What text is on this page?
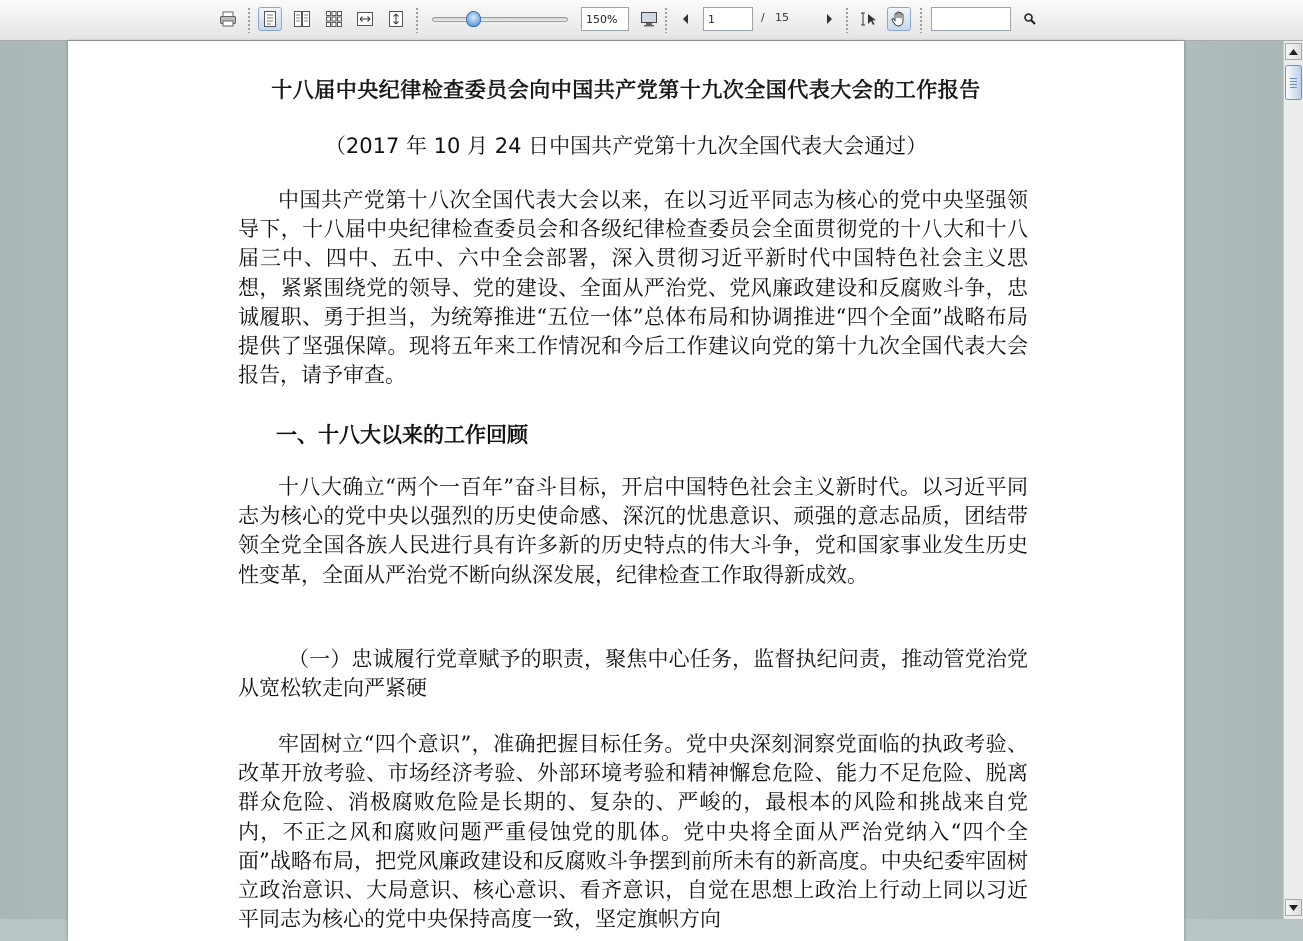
150%
1
/ 15
十八届中央纪律检查委员会向中国共产党第十九次全国代表大会的工作报告
（2017 年 10 月 24 日中国共产党第十九次全国代表大会通过）

中国共产党第十八次全国代表大会以来，在以习近平同志为核心的党中央坚强领导下，十八届中央纪律检查委员会和各级纪律检查委员会全面贯彻党的十八大和十八届三中、四中、五中、六中全会部署，深入贯彻习近平新时代中国特色社会主义思想，紧紧围绕党的领导、党的建设、全面从严治党、党风廉政建设和反腐败斗争，忠诚履职、勇于担当，为统筹推进“五位一体”总体布局和协调推进“四个全面”战略布局提供了坚强保障。现将五年来工作情况和今后工作建议向党的第十九次全国代表大会报告，请予审查。

一、十八大以来的工作回顾

十八大确立“两个一百年”奋斗目标，开启中国特色社会主义新时代。以习近平同志为核心的党中央以强烈的历史使命感、深沉的忧患意识、顽强的意志品质，团结带领全党全国各族人民进行具有许多新的历史特点的伟大斗争，党和国家事业发生历史性变革，全面从严治党不断向纵深发展，纪律检查工作取得新成效。

（一）忠诚履行党章赋予的职责，聚焦中心任务，监督执纪问责，推动管党治党从宽松软走向严紧硬

牢固树立“四个意识”，准确把握目标任务。党中央深刻洞察党面临的执政考验、改革开放考验、市场经济考验、外部环境考验和精神懈怠危险、能力不足危险、脱离群众危险、消极腐败危险是长期的、复杂的、严峻的，最根本的风险和挑战来自党内，不正之风和腐败问题严重侵蚀党的肌体。党中央将全面从严治党纳入“四个全面”战略布局，把党风廉政建设和反腐败斗争摆到前所未有的新高度。中央纪委牢固树立政治意识、大局意识、核心意识、看齐意识，自觉在思想上政治上行动上同以习近平同志为核心的党中央保持高度一致，坚定旗帜方向
